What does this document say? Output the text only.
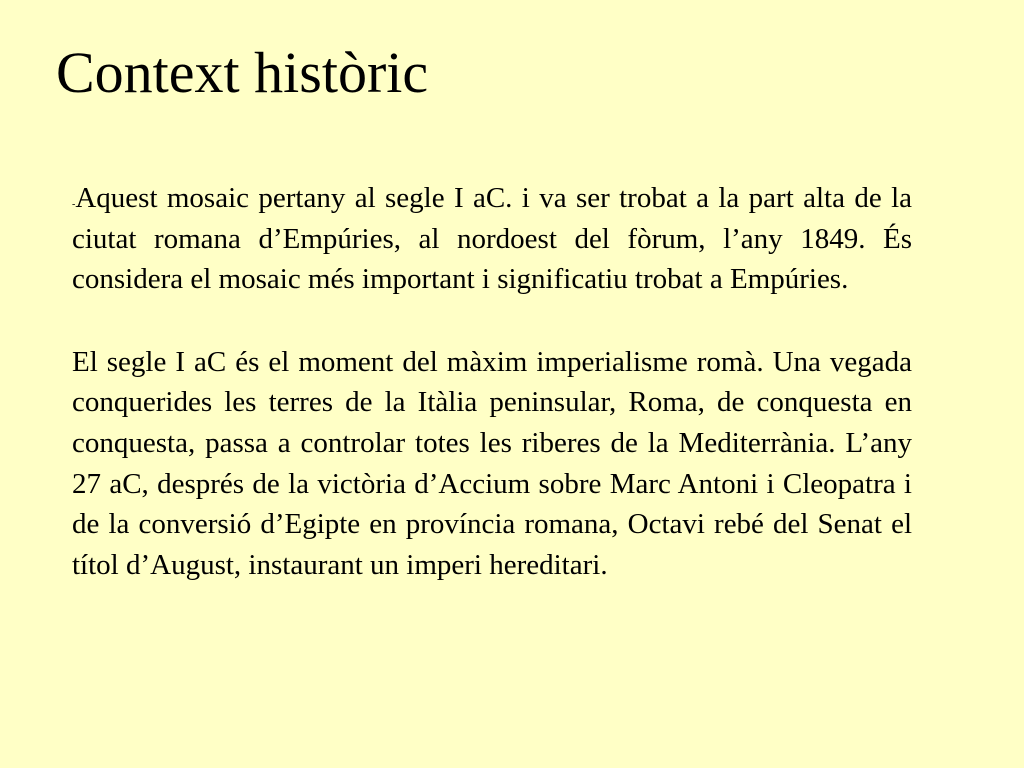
Context històric

-Aquest mosaic pertany al segle I aC. i va ser trobat a la part alta de la ciutat romana d’Empúries, al nordoest del fòrum, l’any 1849. És considera el mosaic més important i significatiu trobat a Empúries.

El segle I aC és el moment del màxim imperialisme romà. Una vegada conquerides les terres de la Itàlia peninsular, Roma, de conquesta en conquesta, passa a controlar totes les riberes de la Mediterrània. L’any 27 aC, després de la victòria d’Accium sobre Marc Antoni i Cleopatra i de la conversió d’Egipte en província romana, Octavi rebé del Senat el títol d’August, instaurant un imperi hereditari.
